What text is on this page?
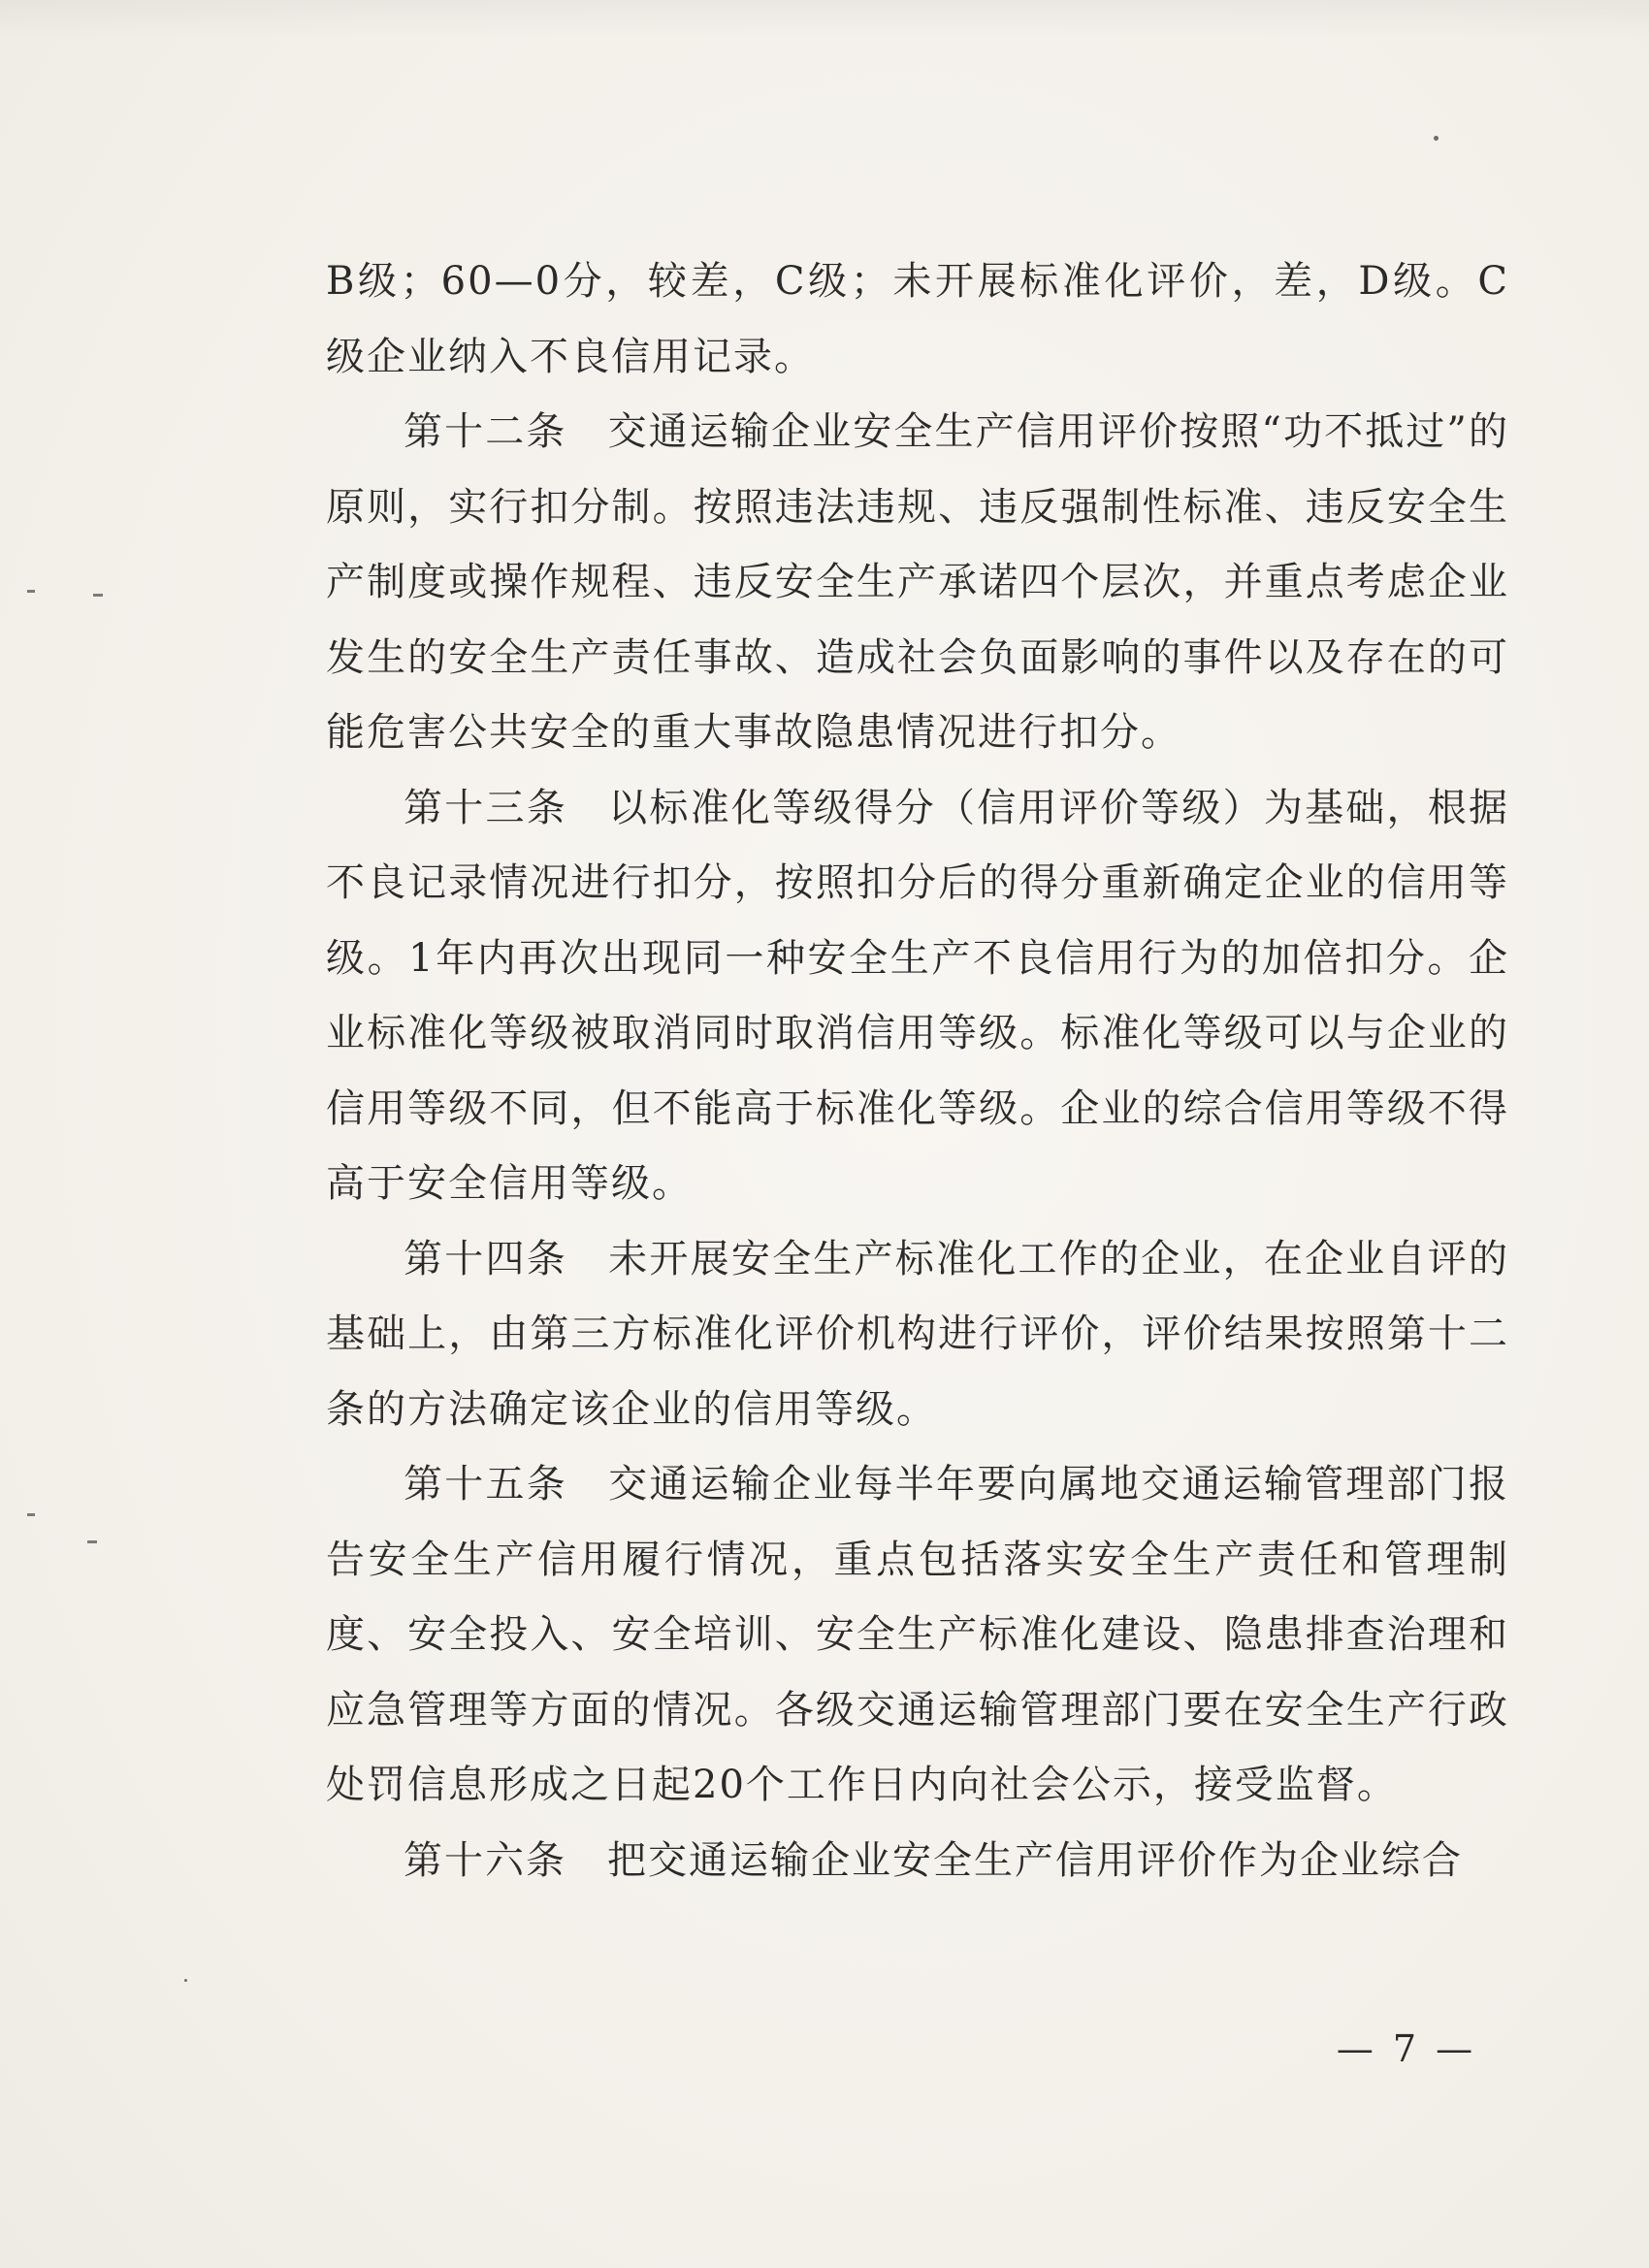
B级；60—0分，较差，C级；未开展标准化评价，差，D级。C级企业纳入不良信用记录。

第十二条　交通运输企业安全生产信用评价按照“功不抵过”的原则，实行扣分制。按照违法违规、违反强制性标准、违反安全生产制度或操作规程、违反安全生产承诺四个层次，并重点考虑企业发生的安全生产责任事故、造成社会负面影响的事件以及存在的可能危害公共安全的重大事故隐患情况进行扣分。

第十三条　以标准化等级得分（信用评价等级）为基础，根据不良记录情况进行扣分，按照扣分后的得分重新确定企业的信用等级。1年内再次出现同一种安全生产不良信用行为的加倍扣分。企业标准化等级被取消同时取消信用等级。标准化等级可以与企业的信用等级不同，但不能高于标准化等级。企业的综合信用等级不得高于安全信用等级。

第十四条　未开展安全生产标准化工作的企业，在企业自评的基础上，由第三方标准化评价机构进行评价，评价结果按照第十二条的方法确定该企业的信用等级。

第十五条　交通运输企业每半年要向属地交通运输管理部门报告安全生产信用履行情况，重点包括落实安全生产责任和管理制度、安全投入、安全培训、安全生产标准化建设、隐患排查治理和应急管理等方面的情况。各级交通运输管理部门要在安全生产行政处罚信息形成之日起20个工作日内向社会公示，接受监督。

第十六条　把交通运输企业安全生产信用评价作为企业综合

— 7 —
